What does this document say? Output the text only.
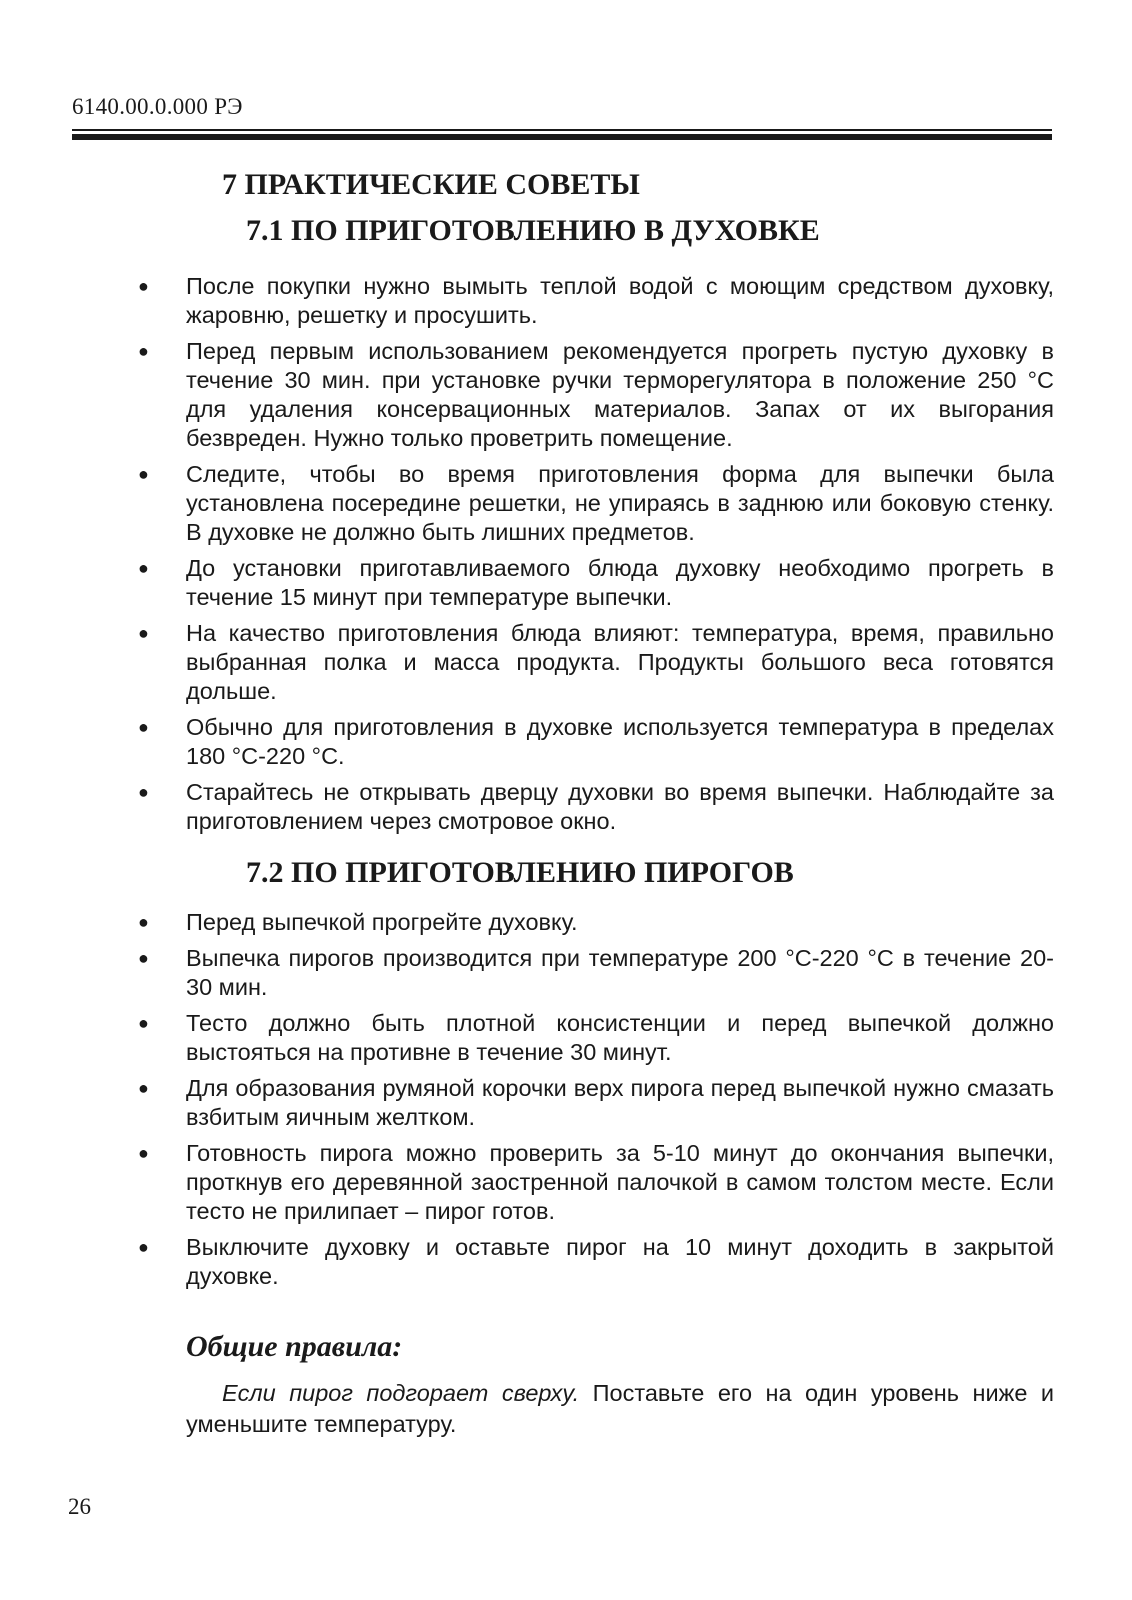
6140.00.0.000 РЭ
7 ПРАКТИЧЕСКИЕ СОВЕТЫ
7.1 ПО ПРИГОТОВЛЕНИЮ В ДУХОВКЕ
● После покупки нужно вымыть теплой водой с моющим средством духовку, жаровню, решетку и просушить.
● Перед первым использованием рекомендуется прогреть пустую духовку в течение 30 мин. при установке ручки терморегулятора в положение 250 °С для удаления консервационных материалов. Запах от их выгорания безвреден. Нужно только проветрить помещение.
● Следите, чтобы во время приготовления форма для выпечки была установлена посередине решетки, не упираясь в заднюю или боковую стенку. В духовке не должно быть лишних предметов.
● До установки приготавливаемого блюда духовку необходимо прогреть в течение 15 минут при температуре выпечки.
● На качество приготовления блюда влияют: температура, время, правильно выбранная полка и масса продукта. Продукты большого веса готовятся дольше.
● Обычно для приготовления в духовке используется температура в пределах 180 °С-220 °С.
● Старайтесь не открывать дверцу духовки во время выпечки. Наблюдайте за приготовлением через смотровое окно.
7.2 ПО ПРИГОТОВЛЕНИЮ ПИРОГОВ
● Перед выпечкой прогрейте духовку.
● Выпечка пирогов производится при температуре 200 °С-220 °С в течение 20-30 мин.
● Тесто должно быть плотной консистенции и перед выпечкой должно выстояться на противне в течение 30 минут.
● Для образования румяной корочки верх пирога перед выпечкой нужно смазать взбитым яичным желтком.
● Готовность пирога можно проверить за 5-10 минут до окончания выпечки, проткнув его деревянной заостренной палочкой в самом толстом месте. Если тесто не прилипает – пирог готов.
● Выключите духовку и оставьте пирог на 10 минут доходить в закрытой духовке.
Общие правила:

Если пирог подгорает сверху. Поставьте его на один уровень ниже и уменьшите температуру.

26
